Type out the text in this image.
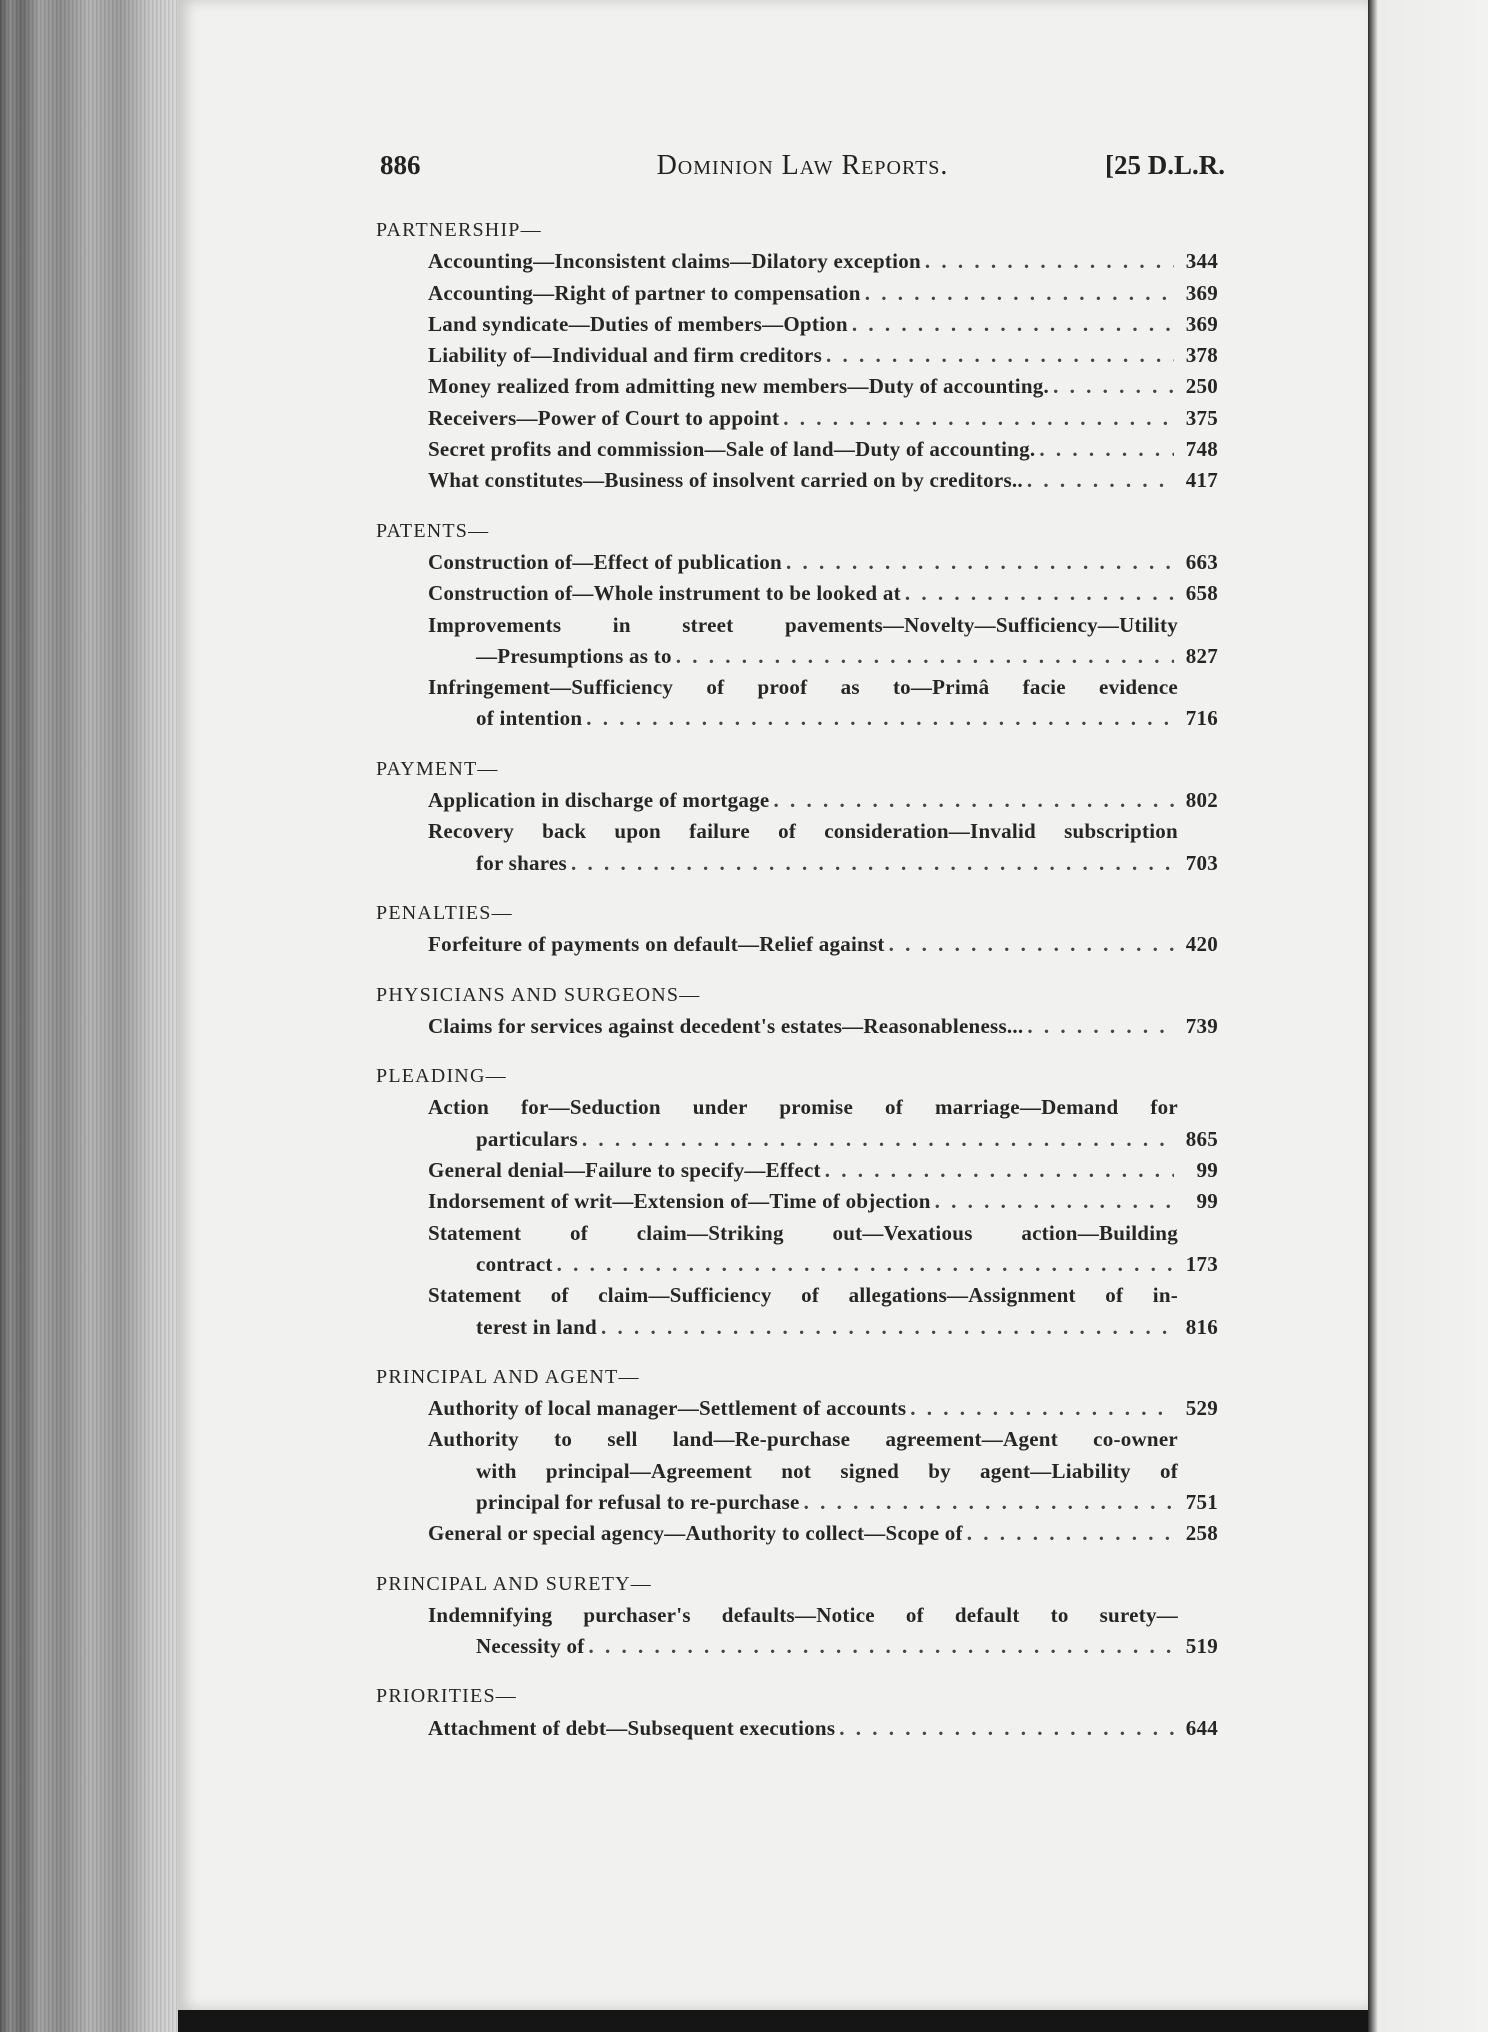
886	Dominion Law Reports.	[25 D.L.R.
PARTNERSHIP—
Accounting—Inconsistent claims—Dilatory exception . . .	344
Accounting—Right of partner to compensation . . .	369
Land syndicate—Duties of members—Option . . .	369
Liability of—Individual and firm creditors . . .	378
Money realized from admitting new members—Duty of accounting. . . .	250
Receivers—Power of Court to appoint . . .	375
Secret profits and commission—Sale of land—Duty of accounting. . . .	748
What constitutes—Business of insolvent carried on by creditors.. . . .	417
PATENTS—
Construction of—Effect of publication . . .	663
Construction of—Whole instrument to be looked at . . .	658
Improvements in street pavements—Novelty—Sufficiency—Utility
—Presumptions as to . . .	827
Infringement—Sufficiency of proof as to—Primâ facie evidence
of intention . . .	716
PAYMENT—
Application in discharge of mortgage . . .	802
Recovery back upon failure of consideration—Invalid subscription
for shares . . .	703
PENALTIES—
Forfeiture of payments on default—Relief against . . .	420
PHYSICIANS AND SURGEONS—
Claims for services against decedent's estates—Reasonableness... . . .	739
PLEADING—
Action for—Seduction under promise of marriage—Demand for
particulars . . .	865
General denial—Failure to specify—Effect . . .	99
Indorsement of writ—Extension of—Time of objection . . .	99
Statement of claim—Striking out—Vexatious action—Building
contract . . .	173
Statement of claim—Sufficiency of allegations—Assignment of in-
terest in land . . .	816
PRINCIPAL AND AGENT—
Authority of local manager—Settlement of accounts . . .	529
Authority to sell land—Re-purchase agreement—Agent co-owner
with principal—Agreement not signed by agent—Liability of
principal for refusal to re-purchase . . .	751
General or special agency—Authority to collect—Scope of . . .	258
PRINCIPAL AND SURETY—
Indemnifying purchaser's defaults—Notice of default to surety—
Necessity of . . .	519
PRIORITIES—
Attachment of debt—Subsequent executions . . .	644
